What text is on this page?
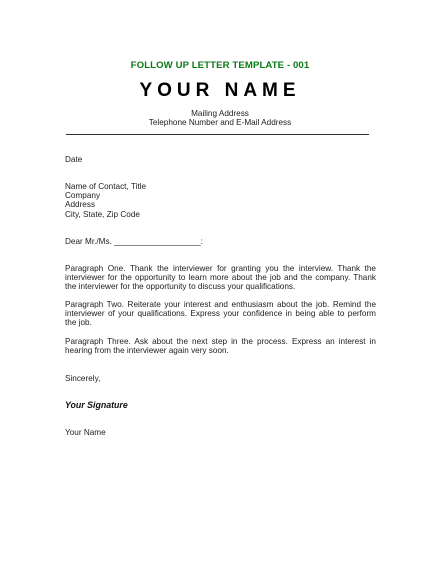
FOLLOW UP LETTER TEMPLATE - 001
YOUR NAME
Mailing Address
Telephone Number and E-Mail Address
Date
Name of Contact, Title
Company
Address
City, State, Zip Code
Dear Mr./Ms. ___________________:
Paragraph One. Thank the interviewer for granting you the interview. Thank the interviewer for the opportunity to learn more about the job and the company. Thank the interviewer for the opportunity to discuss your qualifications.
Paragraph Two. Reiterate your interest and enthusiasm about the job. Remind the interviewer of your qualifications. Express your confidence in being able to perform the job.
Paragraph Three. Ask about the next step in the process. Express an interest in hearing from the interviewer again very soon.
Sincerely,
Your Signature
Your Name
